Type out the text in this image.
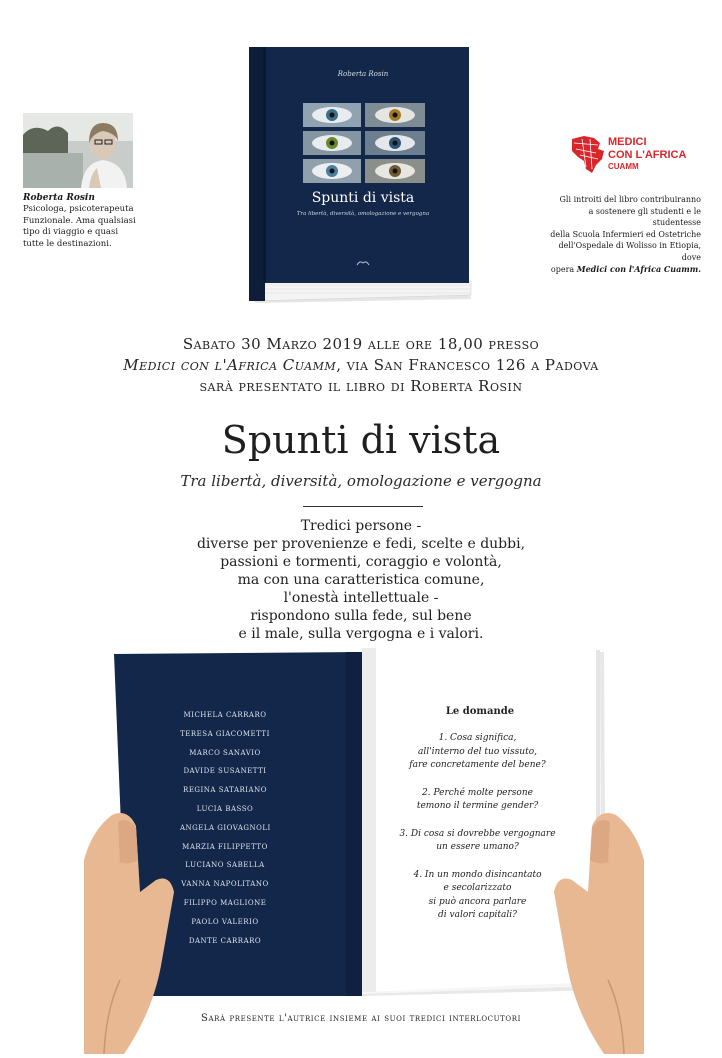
Roberta Rosin
Psicologa, psicoterapeuta
Funzionale. Ama qualsiasi
tipo di viaggio e quasi
tutte le destinazioni.
MEDICI
CON L'AFRICA
CUAMM
Gli introiti del libro contribuiranno
a sostenere gli studenti e le studentesse
della Scuola Infermieri ed Ostetriche
dell'Ospedale di Wolisso in Etiopia, dove
opera Medici con l'Africa Cuamm.
Roberta Rosin
Spunti di vista
Tra libertà, diversità, omologazione e vergogna
Sabato 30 Marzo 2019 alle ore 18,00 presso
Medici con l'Africa Cuamm, via San Francesco 126 a Padova
sarà presentato il libro di Roberta Rosin
Spunti di vista
Tra libertà, diversità, omologazione e vergogna
Tredici persone -
diverse per provenienze e fedi, scelte e dubbi,
passioni e tormenti, coraggio e volontà,
ma con una caratteristica comune,
l'onestà intellettuale -
rispondono sulla fede, sul bene
e il male, sulla vergogna e i valori.
MICHELA CARRARO
TERESA GIACOMETTI
MARCO SANAVIO
DAVIDE SUSANETTI
REGINA SATARIANO
LUCIA BASSO
ANGELA GIOVAGNOLI
MARZIA FILIPPETTO
LUCIANO SABELLA
VANNA NAPOLITANO
FILIPPO MAGLIONE
PAOLO VALERIO
DANTE CARRARO
Le domande
1. Cosa significa,
all'interno del tuo vissuto,
fare concretamente del bene?
2. Perché molte persone
temono il termine gender?
3. Di cosa si dovrebbe vergognare
un essere umano?
4. In un mondo disincantato
e secolarizzato
si può ancora parlare
di valori capitali?
Sarà presente l'autrice insieme ai suoi tredici interlocutori
